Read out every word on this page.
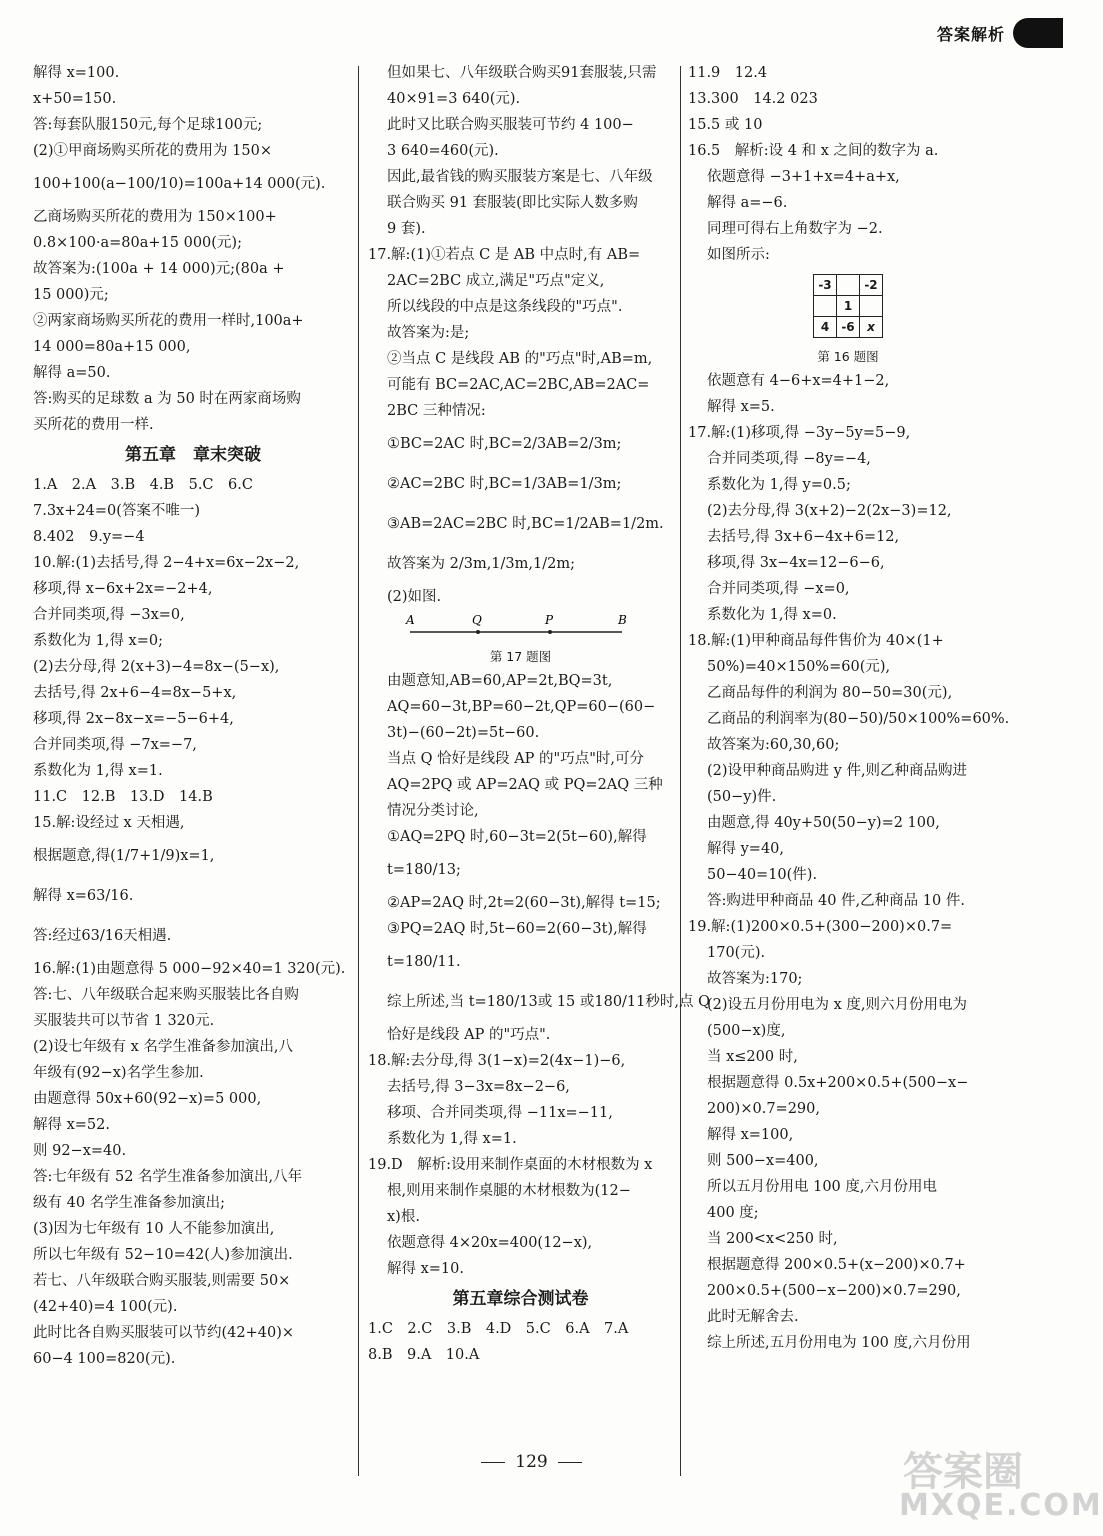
答案解析
解得 x=100.
x+50=150.
答:每套队服150元,每个足球100元;
(2)①甲商场购买所花的费用为 150×
100+100(a−100/10)=100a+14 000(元).
乙商场购买所花的费用为 150×100+
0.8×100·a=80a+15 000(元);
故答案为:(100a + 14 000)元;(80a +
15 000)元;
②两家商场购买所花的费用一样时,100a+
14 000=80a+15 000,
解得 a=50.
答:购买的足球数 a 为 50 时在两家商场购
买所花的费用一样.
第五章　章末突破
1.A　2.A　3.B　4.B　5.C　6.C
7.3x+24=0(答案不唯一)
8.402　9.y=−4
10.解:(1)去括号,得 2−4+x=6x−2x−2,
移项,得 x−6x+2x=−2+4,
合并同类项,得 −3x=0,
系数化为 1,得 x=0;
(2)去分母,得 2(x+3)−4=8x−(5−x),
去括号,得 2x+6−4=8x−5+x,
移项,得 2x−8x−x=−5−6+4,
合并同类项,得 −7x=−7,
系数化为 1,得 x=1.
11.C　12.B　13.D　14.B
15.解:设经过 x 天相遇,
根据题意,得(1/7+1/9)x=1,
解得 x=63/16.
答:经过63/16天相遇.
16.解:(1)由题意得 5 000−92×40=1 320(元).
答:七、八年级联合起来购买服装比各自购
买服装共可以节省 1 320元.
(2)设七年级有 x 名学生准备参加演出,八
年级有(92−x)名学生参加.
由题意得 50x+60(92−x)=5 000,
解得 x=52.
则 92−x=40.
答:七年级有 52 名学生准备参加演出,八年
级有 40 名学生准备参加演出;
(3)因为七年级有 10 人不能参加演出,
所以七年级有 52−10=42(人)参加演出.
若七、八年级联合购买服装,则需要 50×
(42+40)=4 100(元).
此时比各自购买服装可以节约(42+40)×
60−4 100=820(元).
但如果七、八年级联合购买91套服装,只需
40×91=3 640(元).
此时又比联合购买服装可节约 4 100−
3 640=460(元).
因此,最省钱的购买服装方案是七、八年级
联合购买 91 套服装(即比实际人数多购
9 套).
17.解:(1)①若点 C 是 AB 中点时,有 AB=
2AC=2BC 成立,满足"巧点"定义,
所以线段的中点是这条线段的"巧点".
故答案为:是;
②当点 C 是线段 AB 的"巧点"时,AB=m,
可能有 BC=2AC,AC=2BC,AB=2AC=
2BC 三种情况:
①BC=2AC 时,BC=2/3AB=2/3m;
②AC=2BC 时,BC=1/3AB=1/3m;
③AB=2AC=2BC 时,BC=1/2AB=1/2m.
故答案为 2/3m,1/3m,1/2m;
(2)如图.
A	Q	P	B
第 17 题图
由题意知,AB=60,AP=2t,BQ=3t,
AQ=60−3t,BP=60−2t,QP=60−(60−
3t)−(60−2t)=5t−60.
当点 Q 恰好是线段 AP 的"巧点"时,可分
AQ=2PQ 或 AP=2AQ 或 PQ=2AQ 三种
情况分类讨论,
①AQ=2PQ 时,60−3t=2(5t−60),解得
t=180/13;
②AP=2AQ 时,2t=2(60−3t),解得 t=15;
③PQ=2AQ 时,5t−60=2(60−3t),解得
t=180/11.
综上所述,当 t=180/13或 15 或180/11秒时,点 Q
恰好是线段 AP 的"巧点".
18.解:去分母,得 3(1−x)=2(4x−1)−6,
去括号,得 3−3x=8x−2−6,
移项、合并同类项,得 −11x=−11,
系数化为 1,得 x=1.
19.D　解析:设用来制作桌面的木材根数为 x
根,则用来制作桌腿的木材根数为(12−
x)根.
依题意得 4×20x=400(12−x),
解得 x=10.
第五章综合测试卷
1.C　2.C　3.B　4.D　5.C　6.A　7.A
8.B　9.A　10.A
11.9　12.4
13.300　14.2 023
15.5 或 10
16.5　解析:设 4 和 x 之间的数字为 a.
依题意得 −3+1+x=4+a+x,
解得 a=−6.
同理可得右上角数字为 −2.
如图所示:
-3		-2
	1	
4	-6	x
第 16 题图
依题意有 4−6+x=4+1−2,
解得 x=5.
17.解:(1)移项,得 −3y−5y=5−9,
合并同类项,得 −8y=−4,
系数化为 1,得 y=0.5;
(2)去分母,得 3(x+2)−2(2x−3)=12,
去括号,得 3x+6−4x+6=12,
移项,得 3x−4x=12−6−6,
合并同类项,得 −x=0,
系数化为 1,得 x=0.
18.解:(1)甲种商品每件售价为 40×(1+
50%)=40×150%=60(元),
乙商品每件的利润为 80−50=30(元),
乙商品的利润率为(80−50)/50×100%=60%.
故答案为:60,30,60;
(2)设甲种商品购进 y 件,则乙种商品购进
(50−y)件.
由题意,得 40y+50(50−y)=2 100,
解得 y=40,
50−40=10(件).
答:购进甲种商品 40 件,乙种商品 10 件.
19.解:(1)200×0.5+(300−200)×0.7=
170(元).
故答案为:170;
(2)设五月份用电为 x 度,则六月份用电为
(500−x)度,
当 x≤200 时,
根据题意得 0.5x+200×0.5+(500−x−
200)×0.7=290,
解得 x=100,
则 500−x=400,
所以五月份用电 100 度,六月份用电
400 度;
当 200<x<250 时,
根据题意得 200×0.5+(x−200)×0.7+
200×0.5+(500−x−200)×0.7=290,
此时无解舍去.
综上所述,五月份用电为 100 度,六月份用
129	答案圈
MXQE.COM
